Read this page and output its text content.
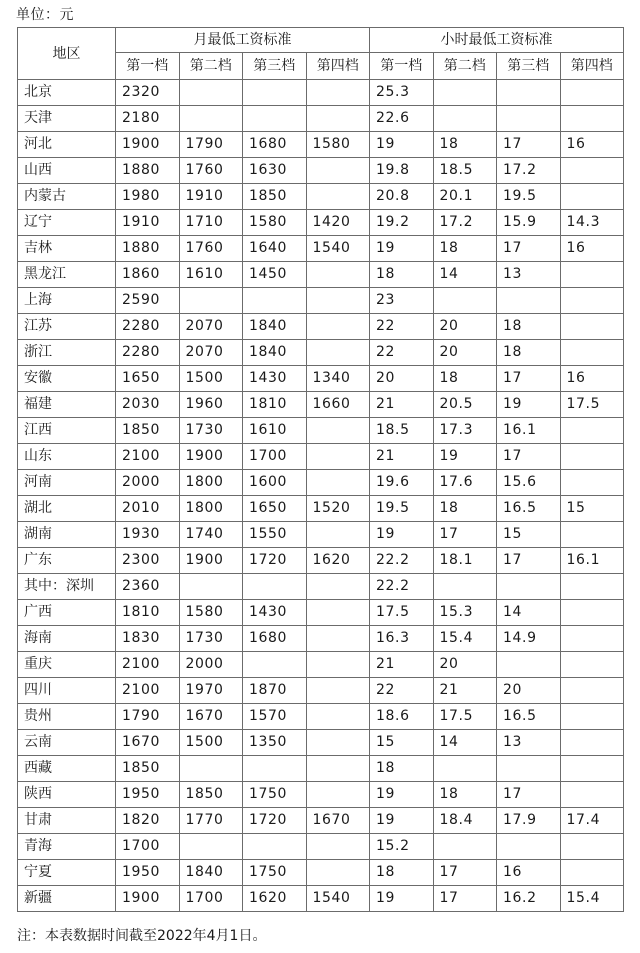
单位：元
地区	月最低工资标准				小时最低工资标准			
	第一档	第二档	第三档	第四档	第一档	第二档	第三档	第四档
北京	2320				25.3			
天津	2180				22.6			
河北	1900	1790	1680	1580	19	18	17	16
山西	1880	1760	1630		19.8	18.5	17.2	
内蒙古	1980	1910	1850		20.8	20.1	19.5	
辽宁	1910	1710	1580	1420	19.2	17.2	15.9	14.3
吉林	1880	1760	1640	1540	19	18	17	16
黑龙江	1860	1610	1450		18	14	13	
上海	2590				23			
江苏	2280	2070	1840		22	20	18	
浙江	2280	2070	1840		22	20	18	
安徽	1650	1500	1430	1340	20	18	17	16
福建	2030	1960	1810	1660	21	20.5	19	17.5
江西	1850	1730	1610		18.5	17.3	16.1	
山东	2100	1900	1700		21	19	17	
河南	2000	1800	1600		19.6	17.6	15.6	
湖北	2010	1800	1650	1520	19.5	18	16.5	15
湖南	1930	1740	1550		19	17	15	
广东	2300	1900	1720	1620	22.2	18.1	17	16.1
其中：深圳	2360				22.2			
广西	1810	1580	1430		17.5	15.3	14	
海南	1830	1730	1680		16.3	15.4	14.9	
重庆	2100	2000			21	20		
四川	2100	1970	1870		22	21	20	
贵州	1790	1670	1570		18.6	17.5	16.5	
云南	1670	1500	1350		15	14	13	
西藏	1850				18			
陕西	1950	1850	1750		19	18	17	
甘肃	1820	1770	1720	1670	19	18.4	17.9	17.4
青海	1700				15.2			
宁夏	1950	1840	1750		18	17	16	
新疆	1900	1700	1620	1540	19	17	16.2	15.4
注：本表数据时间截至2022年4月1日。
